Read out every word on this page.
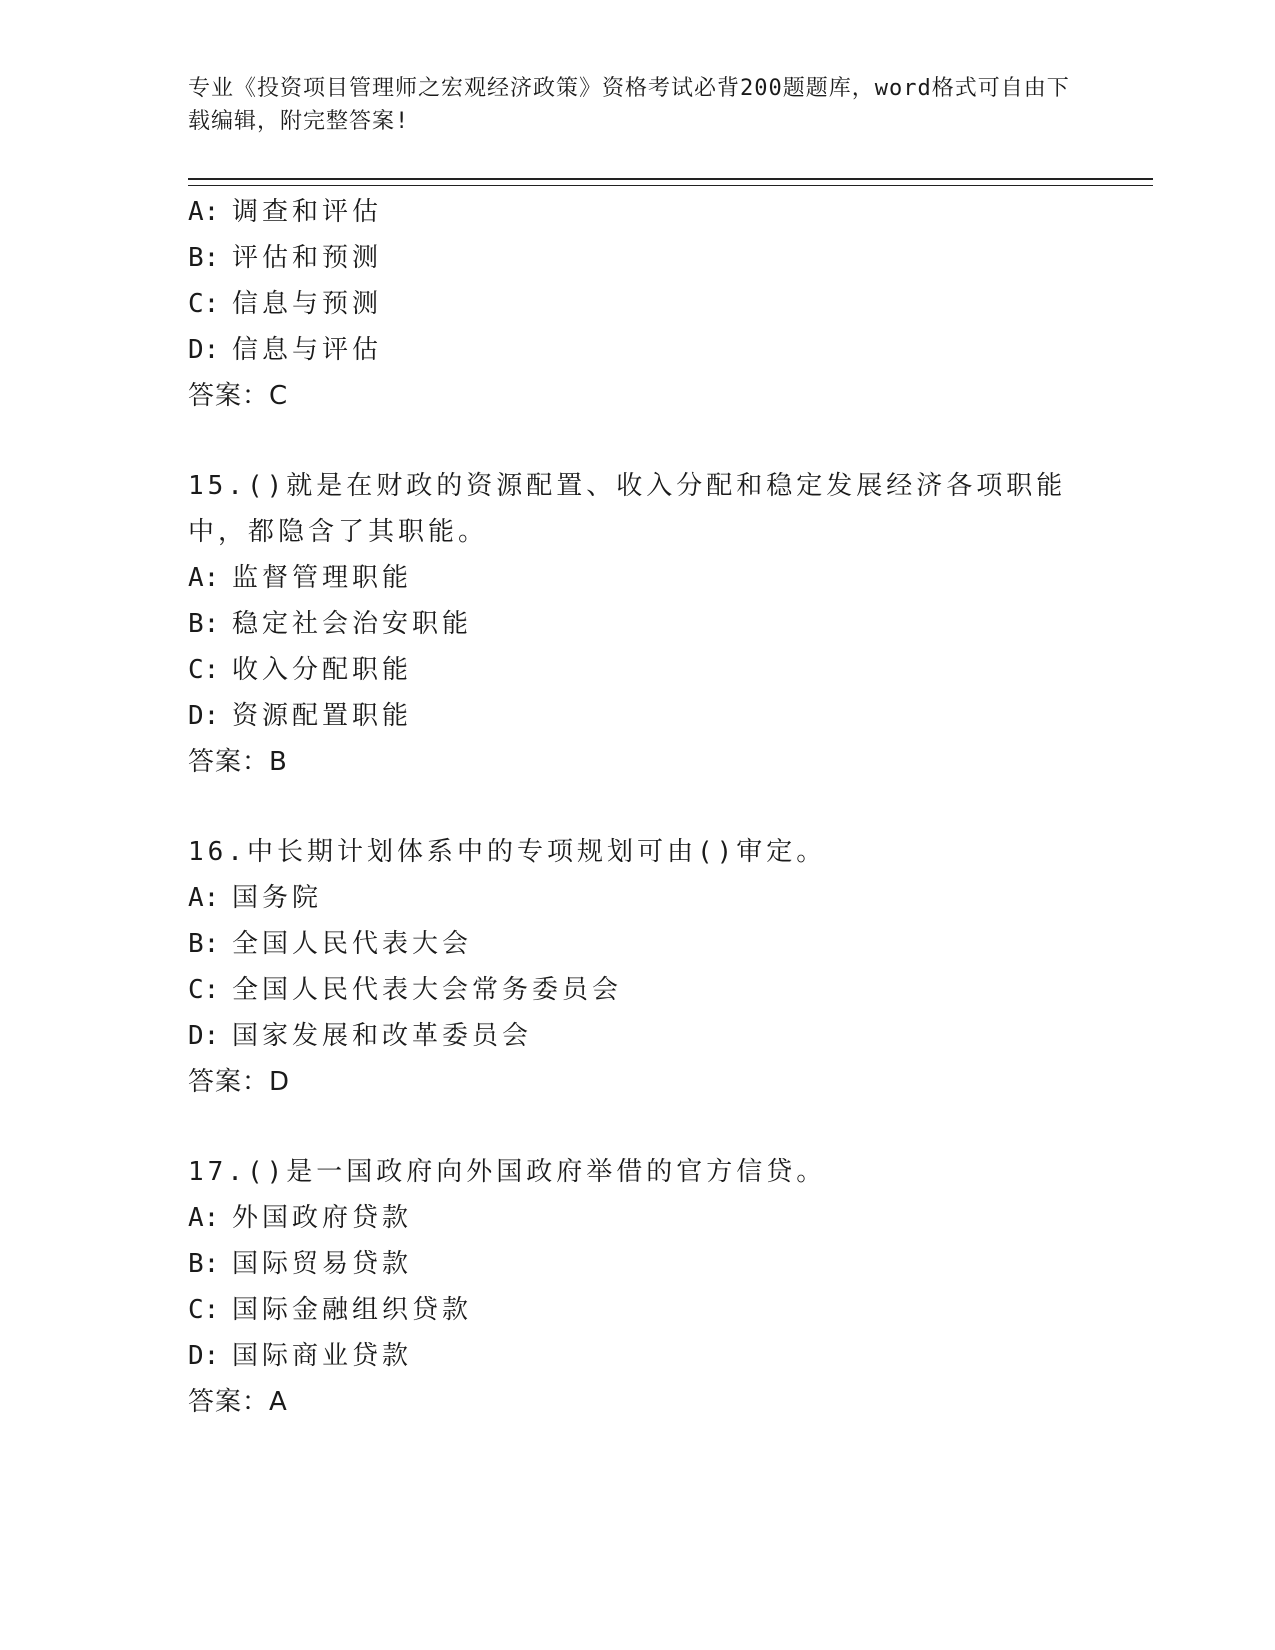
专业《投资项目管理师之宏观经济政策》资格考试必背200题题库，word格式可自由下载编辑，附完整答案!
A: 调查和评估
B: 评估和预测
C: 信息与预测
D: 信息与评估
答案：C
15.()就是在财政的资源配置、收入分配和稳定发展经济各项职能中，都隐含了其职能。
A: 监督管理职能
B: 稳定社会治安职能
C: 收入分配职能
D: 资源配置职能
答案：B
16.中长期计划体系中的专项规划可由()审定。
A: 国务院
B: 全国人民代表大会
C: 全国人民代表大会常务委员会
D: 国家发展和改革委员会
答案：D
17.()是一国政府向外国政府举借的官方信贷。
A: 外国政府贷款
B: 国际贸易贷款
C: 国际金融组织贷款
D: 国际商业贷款
答案：A
